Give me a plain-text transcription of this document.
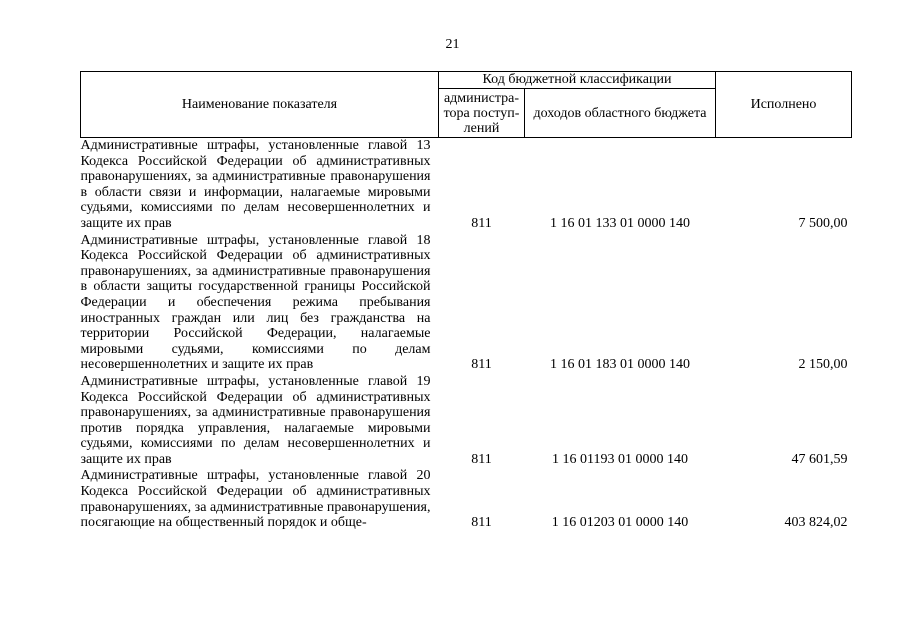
21
Наименование показателя	Код бюджетной классификации		Исполнено
	администра-тора поступ-лений	доходов областного бюджета	
Административные штрафы, установленные главой 13 Кодекса Российской Федерации об административных правонарушениях, за административные правонарушения в области связи и информации, налагаемые мировыми судьями, комиссиями по делам несовершеннолетних и защите их прав	811	1 16 01 133 01 0000 140	7 500,00
Административные штрафы, установленные главой 18 Кодекса Российской Федерации об административных правонарушениях, за административные правонарушения в области защиты государственной границы Российской Федерации и обеспечения режима пребывания иностранных граждан или лиц без гражданства на территории Российской Федерации, налагаемые мировыми судьями, комиссиями по делам несовершеннолетних и защите их прав	811	1 16 01 183 01 0000 140	2 150,00
Административные штрафы, установленные главой 19 Кодекса Российской Федерации об административных правонарушениях, за административные правонарушения против порядка управления, налагаемые мировыми судьями, комиссиями по делам несовершеннолетних и защите их прав	811	1 16 01193 01 0000 140	47 601,59
Административные штрафы, установленные главой 20 Кодекса Российской Федерации об административных правонарушениях, за административные правонарушения, посягающие на общественный порядок и обще-	811	1 16 01203 01 0000 140	403 824,02
